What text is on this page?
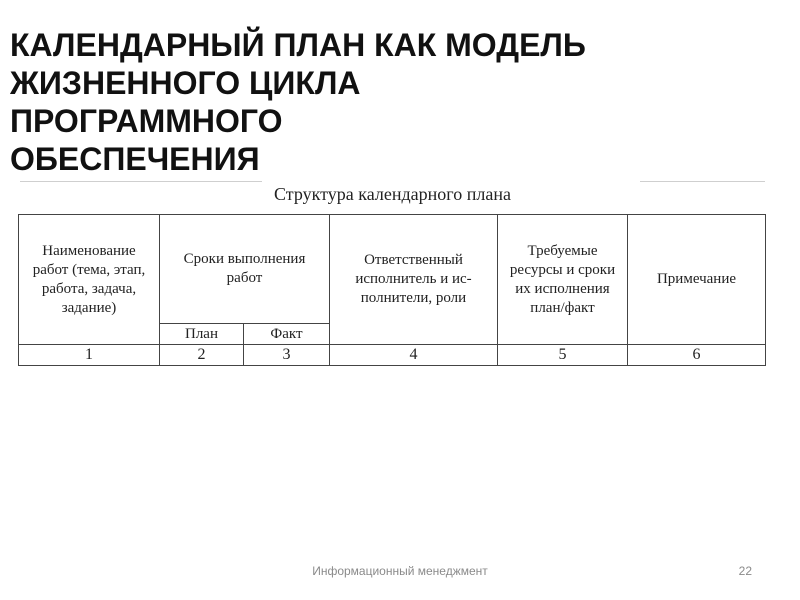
КАЛЕНДАРНЫЙ ПЛАН КАК МОДЕЛЬ
ЖИЗНЕННОГО ЦИКЛА
ПРОГРАММНОГО
ОБЕСПЕЧЕНИЯ
Структура календарного плана
Наименование работ (тема, этап, работа, задача, задание)	Сроки выполнения работ		Ответственный исполнитель и ис-полнители, роли	Требуемые ресурсы и сроки их исполнения план/факт	Примечание
	План	Факт			
1	2	3	4	5	6
Информационный менеджмент	22
